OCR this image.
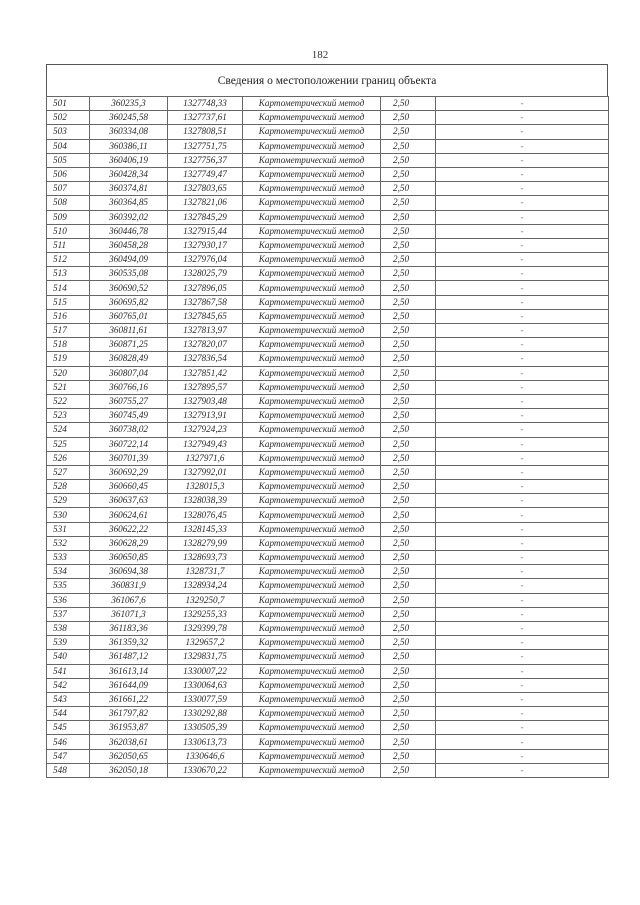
182
Сведения о местоположении границ объекта
501	360235,3	1327748,33	Картометрический метод	2,50	-
502	360245,58	1327737,61	Картометрический метод	2,50	-
503	360334,08	1327808,51	Картометрический метод	2,50	-
504	360386,11	1327751,75	Картометрический метод	2,50	-
505	360406,19	1327756,37	Картометрический метод	2,50	-
506	360428,34	1327749,47	Картометрический метод	2,50	-
507	360374,81	1327803,65	Картометрический метод	2,50	-
508	360364,85	1327821,06	Картометрический метод	2,50	-
509	360392,02	1327845,29	Картометрический метод	2,50	-
510	360446,78	1327915,44	Картометрический метод	2,50	-
511	360458,28	1327930,17	Картометрический метод	2,50	-
512	360494,09	1327976,04	Картометрический метод	2,50	-
513	360535,08	1328025,79	Картометрический метод	2,50	-
514	360690,52	1327896,05	Картометрический метод	2,50	-
515	360695,82	1327867,58	Картометрический метод	2,50	-
516	360765,01	1327845,65	Картометрический метод	2,50	-
517	360811,61	1327813,97	Картометрический метод	2,50	-
518	360871,25	1327820,07	Картометрический метод	2,50	-
519	360828,49	1327836,54	Картометрический метод	2,50	-
520	360807,04	1327851,42	Картометрический метод	2,50	-
521	360766,16	1327895,57	Картометрический метод	2,50	-
522	360755,27	1327903,48	Картометрический метод	2,50	-
523	360745,49	1327913,91	Картометрический метод	2,50	-
524	360738,02	1327924,23	Картометрический метод	2,50	-
525	360722,14	1327949,43	Картометрический метод	2,50	-
526	360701,39	1327971,6	Картометрический метод	2,50	-
527	360692,29	1327992,01	Картометрический метод	2,50	-
528	360660,45	1328015,3	Картометрический метод	2,50	-
529	360637,63	1328038,39	Картометрический метод	2,50	-
530	360624,61	1328076,45	Картометрический метод	2,50	-
531	360622,22	1328145,33	Картометрический метод	2,50	-
532	360628,29	1328279,99	Картометрический метод	2,50	-
533	360650,85	1328693,73	Картометрический метод	2,50	-
534	360694,38	1328731,7	Картометрический метод	2,50	-
535	360831,9	1328934,24	Картометрический метод	2,50	-
536	361067,6	1329250,7	Картометрический метод	2,50	-
537	361071,3	1329255,33	Картометрический метод	2,50	-
538	361183,36	1329399,78	Картометрический метод	2,50	-
539	361359,32	1329657,2	Картометрический метод	2,50	-
540	361487,12	1329831,75	Картометрический метод	2,50	-
541	361613,14	1330007,22	Картометрический метод	2,50	-
542	361644,09	1330064,63	Картометрический метод	2,50	-
543	361661,22	1330077,59	Картометрический метод	2,50	-
544	361797,82	1330292,88	Картометрический метод	2,50	-
545	361953,87	1330505,39	Картометрический метод	2,50	-
546	362038,61	1330613,73	Картометрический метод	2,50	-
547	362050,65	1330646,6	Картометрический метод	2,50	-
548	362050,18	1330670,22	Картометрический метод	2,50	-
